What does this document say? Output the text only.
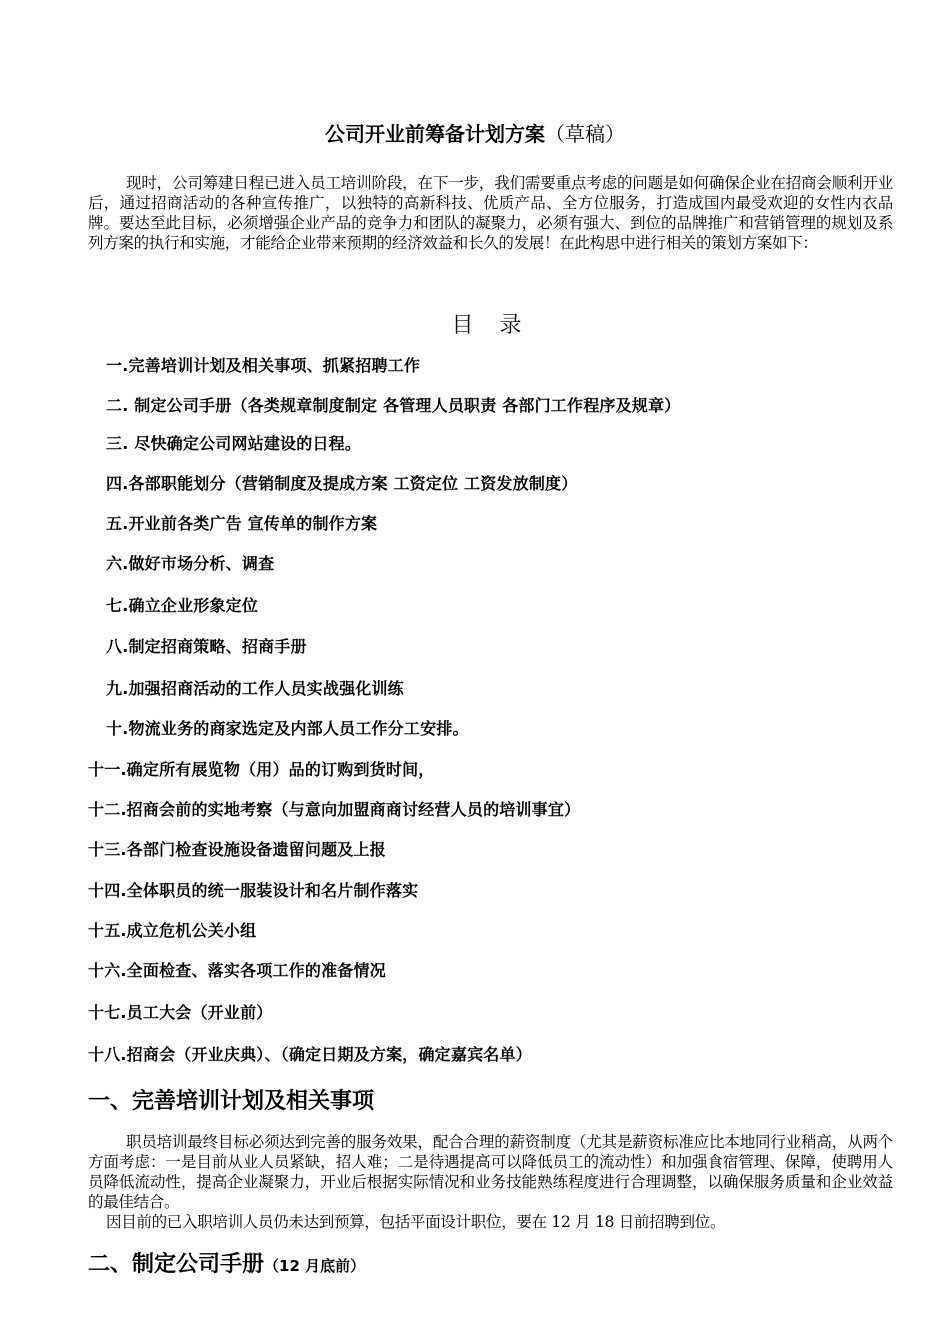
公司开业前筹备计划方案（草稿）
现时，公司筹建日程已进入员工培训阶段，在下一步，我们需要重点考虑的问题是如何确保企业在招商会顺利开业后，通过招商活动的各种宣传推广，以独特的高新科技、优质产品、全方位服务，打造成国内最受欢迎的女性内衣品牌。要达至此目标，必须增强企业产品的竞争力和团队的凝聚力，必须有强大、到位的品牌推广和营销管理的规划及系列方案的执行和实施，才能给企业带来预期的经济效益和长久的发展！在此构思中进行相关的策划方案如下：
目 录
一.完善培训计划及相关事项、抓紧招聘工作
二. 制定公司手册（各类规章制度制定 各管理人员职责 各部门工作程序及规章）
三. 尽快确定公司网站建设的日程。
四.各部职能划分（营销制度及提成方案 工资定位 工资发放制度）
五.开业前各类广告 宣传单的制作方案
六.做好市场分析、调查
七.确立企业形象定位
八.制定招商策略、招商手册
九.加强招商活动的工作人员实战强化训练
十.物流业务的商家选定及内部人员工作分工安排。
十一.确定所有展览物（用）品的订购到货时间，
十二.招商会前的实地考察（与意向加盟商商讨经营人员的培训事宜）
十三.各部门检查设施设备遗留问题及上报
十四.全体职员的统一服装设计和名片制作落实
十五.成立危机公关小组
十六.全面检查、落实各项工作的准备情况
十七.员工大会（开业前）
十八.招商会（开业庆典）、（确定日期及方案，确定嘉宾名单）
一、完善培训计划及相关事项

职员培训最终目标必须达到完善的服务效果，配合合理的薪资制度（尤其是薪资标准应比本地同行业稍高，从两个方面考虑：一是目前从业人员紧缺，招人难；二是待遇提高可以降低员工的流动性）和加强食宿管理、保障，使聘用人员降低流动性，提高企业凝聚力，开业后根据实际情况和业务技能熟练程度进行合理调整，以确保服务质量和企业效益的最佳结合。

因目前的已入职培训人员仍未达到预算，包括平面设计职位，要在 12 月 18 日前招聘到位。

二、制定公司手册（12 月底前）
